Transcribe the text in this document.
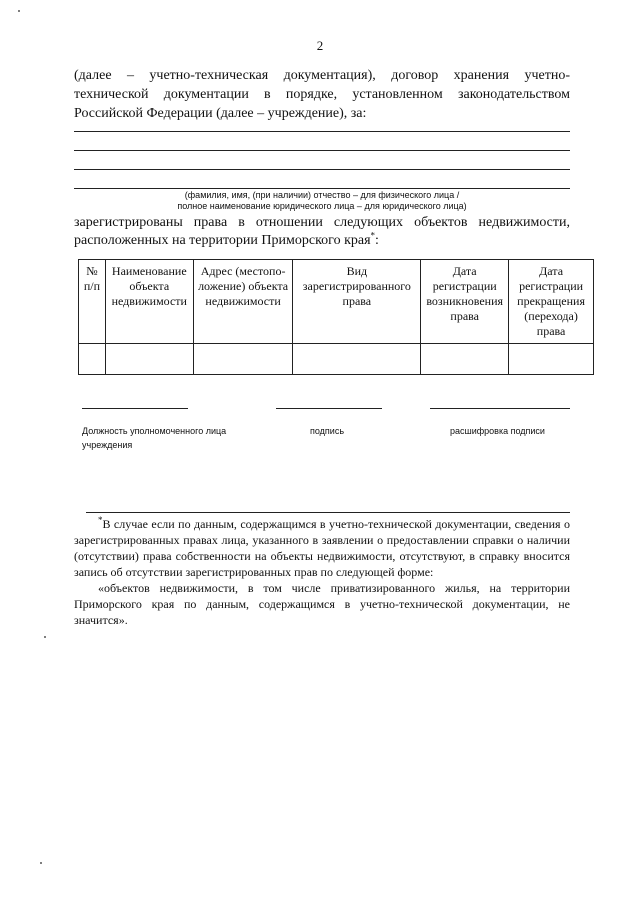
2
(далее – учетно-техническая документация), договор хранения учетно-
технической документации в порядке, установленном законодательством
Российской Федерации (далее – учреждение), за:
(фамилия, имя, (при наличии) отчество – для физического лица /
полное наименование юридического лица – для юридического лица)
зарегистрированы права в отношении следующих объектов недвижимости,
расположенных на территории Приморского края*:
№ п/п	Наименование объекта недвижимости	Адрес (местопо-ложение) объекта недвижимости	Вид зарегистрированного права	Дата регистрации возникновения права	Дата регистрации прекращения (перехода) права

Должность уполномоченного лица учреждения
подпись	расшифровка подписи

*В случае если по данным, содержащимся в учетно-технической документации, сведения о зарегистрированных правах лица, указанного в заявлении о предоставлении справки о наличии (отсутствии) права собственности на объекты недвижимости, отсутствуют, в справку вносится запись об отсутствии зарегистрированных прав по следующей форме:

«объектов недвижимости, в том числе приватизированного жилья, на территории Приморского края по данным, содержащимся в учетно-технической документации, не значится».
